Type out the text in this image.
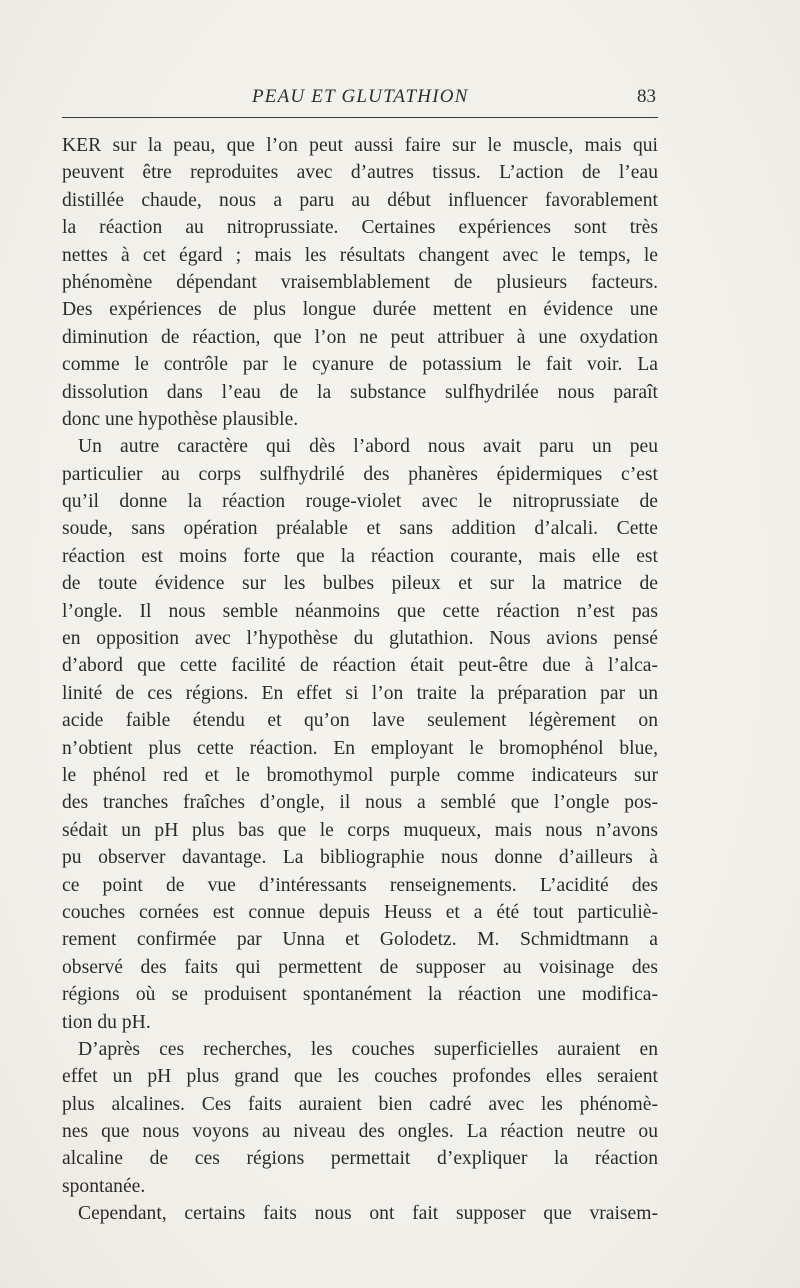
PEAU ET GLUTATHION	83
KER sur la peau, que l’on peut aussi faire sur le muscle, mais qui
peuvent être reproduites avec d’autres tissus. L’action de l’eau
distillée chaude, nous a paru au début influencer favorablement
la réaction au nitroprussiate. Certaines expériences sont très
nettes à cet égard ; mais les résultats changent avec le temps, le
phénomène dépendant vraisemblablement de plusieurs facteurs.
Des expériences de plus longue durée mettent en évidence une
diminution de réaction, que l’on ne peut attribuer à une oxydation
comme le contrôle par le cyanure de potassium le fait voir. La
dissolution dans l’eau de la substance sulfhydrilée nous paraît
donc une hypothèse plausible.
Un autre caractère qui dès l’abord nous avait paru un peu
particulier au corps sulfhydrilé des phanères épidermiques c’est
qu’il donne la réaction rouge-violet avec le nitroprussiate de
soude, sans opération préalable et sans addition d’alcali. Cette
réaction est moins forte que la réaction courante, mais elle est
de toute évidence sur les bulbes pileux et sur la matrice de
l’ongle. Il nous semble néanmoins que cette réaction n’est pas
en opposition avec l’hypothèse du glutathion. Nous avions pensé
d’abord que cette facilité de réaction était peut-être due à l’alca-
linité de ces régions. En effet si l’on traite la préparation par un
acide faible étendu et qu’on lave seulement légèrement on
n’obtient plus cette réaction. En employant le bromophénol blue,
le phénol red et le bromothymol purple comme indicateurs sur
des tranches fraîches d’ongle, il nous a semblé que l’ongle pos-
sédait un pH plus bas que le corps muqueux, mais nous n’avons
pu observer davantage. La bibliographie nous donne d’ailleurs à
ce point de vue d’intéressants renseignements. L’acidité des
couches cornées est connue depuis Heuss et a été tout particuliè-
rement confirmée par Unna et Golodetz. M. Schmidtmann a
observé des faits qui permettent de supposer au voisinage des
régions où se produisent spontanément la réaction une modifica-
tion du pH.
D’après ces recherches, les couches superficielles auraient en
effet un pH plus grand que les couches profondes elles seraient
plus alcalines. Ces faits auraient bien cadré avec les phénomè-
nes que nous voyons au niveau des ongles. La réaction neutre ou
alcaline de ces régions permettait d’expliquer la réaction
spontanée.
Cependant, certains faits nous ont fait supposer que vraisem-
